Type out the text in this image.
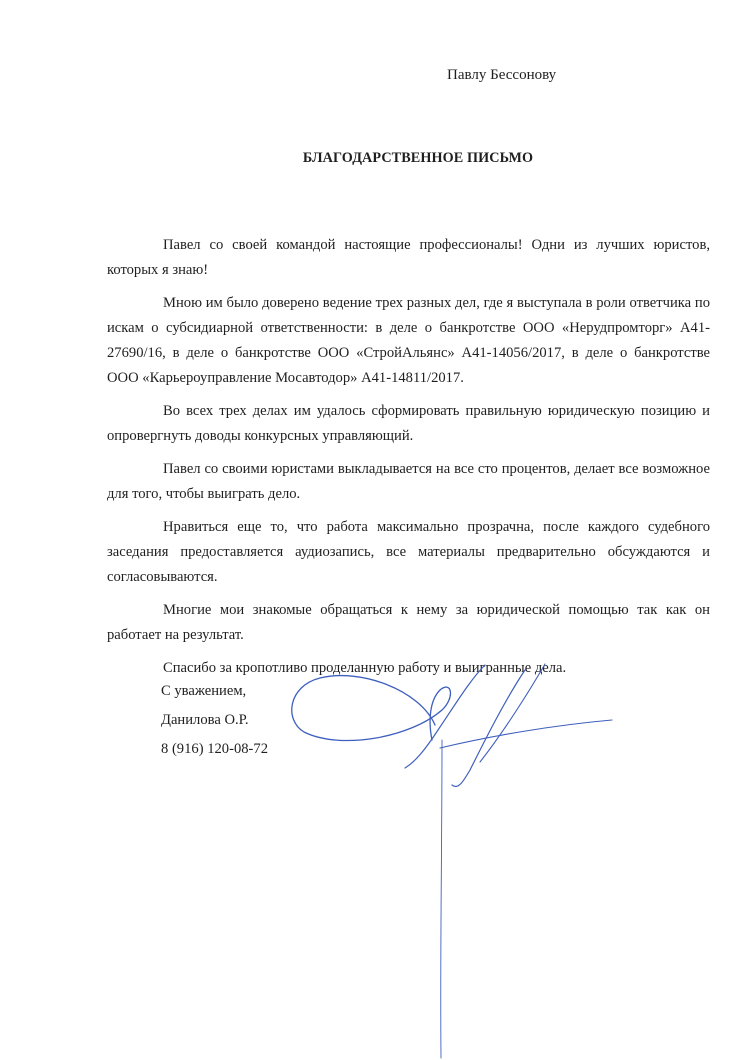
Павлу Бессонову
БЛАГОДАРСТВЕННОЕ ПИСЬМО

Павел со своей командой настоящие профессионалы! Одни из лучших юристов, которых я знаю!

Мною им было доверено ведение трех разных дел, где я выступала в роли ответчика по искам о субсидиарной ответственности: в деле о банкротстве ООО «Нерудпромторг» А41-27690/16, в деле о банкротстве ООО «СтройАльянс» А41-14056/2017, в деле о банкротстве ООО «Карьероуправление Мосавтодор» А41-14811/2017.

Во всех трех делах им удалось сформировать правильную юридическую позицию и опровергнуть доводы конкурсных управляющий.

Павел со своими юристами выкладывается на все сто процентов, делает все возможное для того, чтобы выиграть дело.

Нравиться еще то, что работа максимально прозрачна, после каждого судебного заседания предоставляется аудиозапись, все материалы предварительно обсуждаются и согласовываются.

Многие мои знакомые обращаться к нему за юридической помощью так как он работает на результат.

Спасибо за кропотливо проделанную работу и выигранные дела.

С уважением,
Данилова О.Р.
8 (916) 120-08-72
